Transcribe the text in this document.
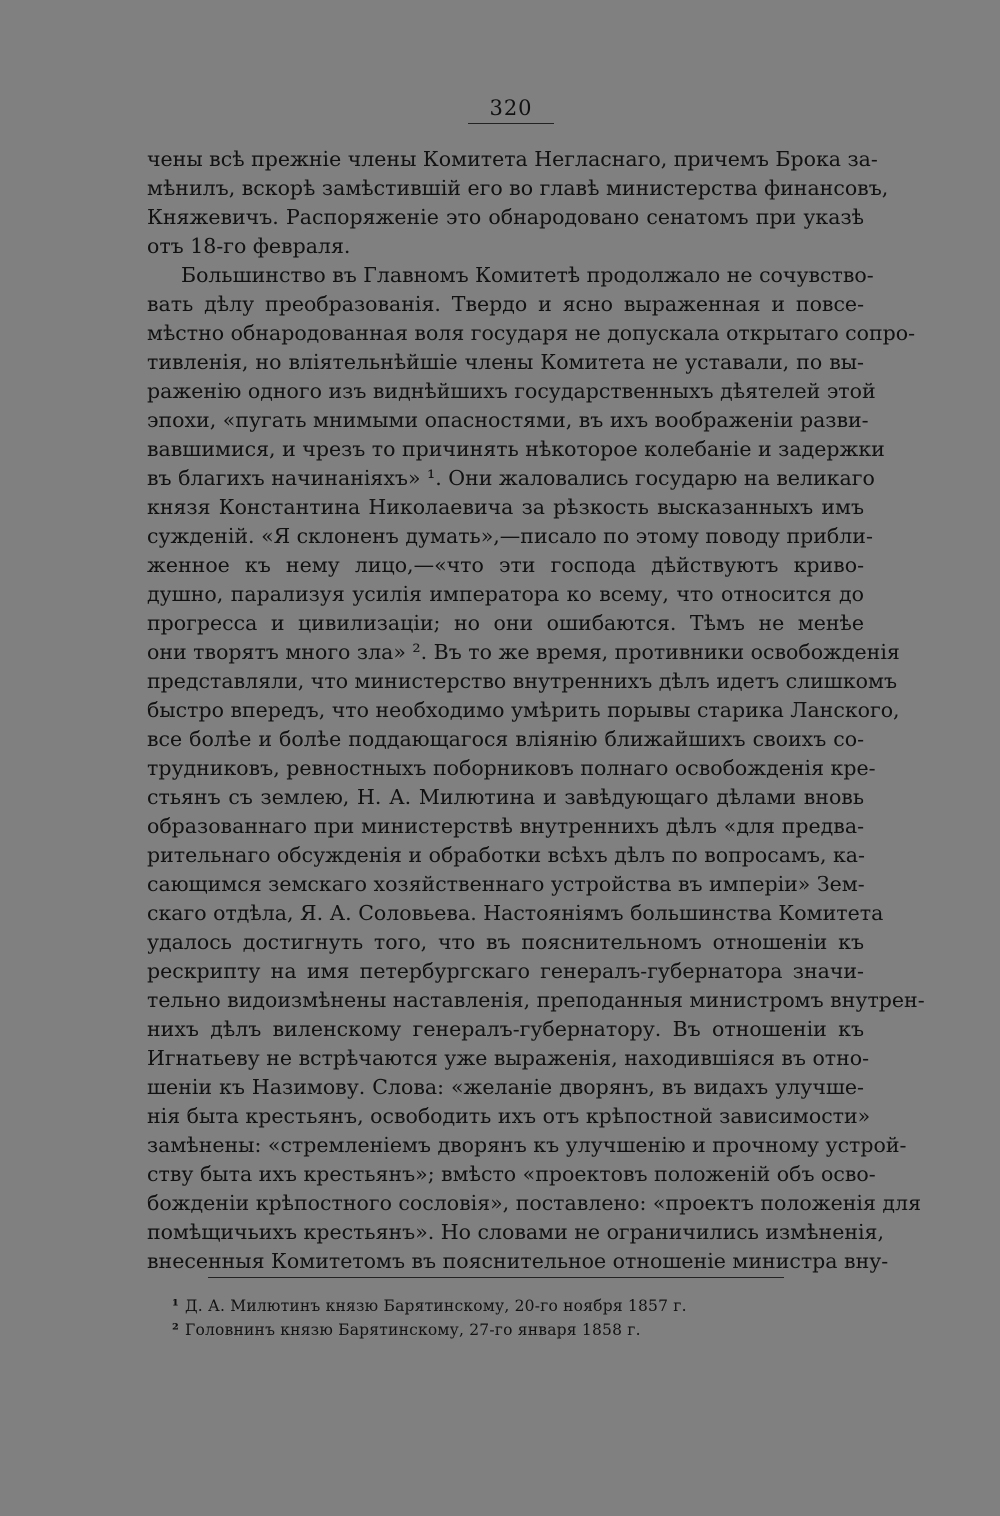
320
чены всѣ прежніе члены Комитета Негласнаго, причемъ Брока за-
мѣнилъ, вскорѣ замѣстившій его во главѣ министерства финансовъ,
Княжевичъ. Распоряженіе это обнародовано сенатомъ при указѣ
отъ 18-го февраля.
Большинство въ Главномъ Комитетѣ продолжало не сочувство-
вать дѣлу преобразованія. Твердо и ясно выраженная и повсе-
мѣстно обнародованная воля государя не допускала открытаго сопро-
тивленія, но вліятельнѣйшіе члены Комитета не уставали, по вы-
раженію одного изъ виднѣйшихъ государственныхъ дѣятелей этой
эпохи, «пугать мнимыми опасностями, въ ихъ воображеніи разви-
вавшимися, и чрезъ то причинять нѣкоторое колебаніе и задержки
въ благихъ начинаніяхъ» ¹. Они жаловались государю на великаго
князя Константина Николаевича за рѣзкость высказанныхъ имъ
сужденій. «Я склоненъ думать»,—писало по этому поводу прибли-
женное къ нему лицо,—«что эти господа дѣйствуютъ криво-
душно, парализуя усилія императора ко всему, что относится до
прогресса и цивилизаціи; но они ошибаются. Тѣмъ не менѣе
они творятъ много зла» ². Въ то же время, противники освобожденія
представляли, что министерство внутреннихъ дѣлъ идетъ слишкомъ
быстро впередъ, что необходимо умѣрить порывы старика Ланского,
все болѣе и болѣе поддающагося вліянію ближайшихъ своихъ со-
трудниковъ, ревностныхъ поборниковъ полнаго освобожденія кре-
стьянъ съ землею, Н. А. Милютина и завѣдующаго дѣлами вновь
образованнаго при министерствѣ внутреннихъ дѣлъ «для предва-
рительнаго обсужденія и обработки всѣхъ дѣлъ по вопросамъ, ка-
сающимся земскаго хозяйственнаго устройства въ имперіи» Зем-
скаго отдѣла, Я. А. Соловьева. Настояніямъ большинства Комитета
удалось достигнуть того, что въ пояснительномъ отношеніи къ
рескрипту на имя петербургскаго генералъ-губернатора значи-
тельно видоизмѣнены наставленія, преподанныя министромъ внутрен-
нихъ дѣлъ виленскому генералъ-губернатору. Въ отношеніи къ
Игнатьеву не встрѣчаются уже выраженія, находившіяся въ отно-
шеніи къ Назимову. Слова: «желаніе дворянъ, въ видахъ улучше-
нія быта крестьянъ, освободить ихъ отъ крѣпостной зависимости»
замѣнены: «стремленіемъ дворянъ къ улучшенію и прочному устрой-
ству быта ихъ крестьянъ»; вмѣсто «проектовъ положеній объ осво-
божденіи крѣпостного сословія», поставлено: «проектъ положенія для
помѣщичьихъ крестьянъ». Но словами не ограничились измѣненія,
внесенныя Комитетомъ въ пояснительное отношеніе министра вну-
¹ Д. А. Милютинъ князю Барятинскому, 20-го ноября 1857 г.
² Головнинъ князю Барятинскому, 27-го января 1858 г.
